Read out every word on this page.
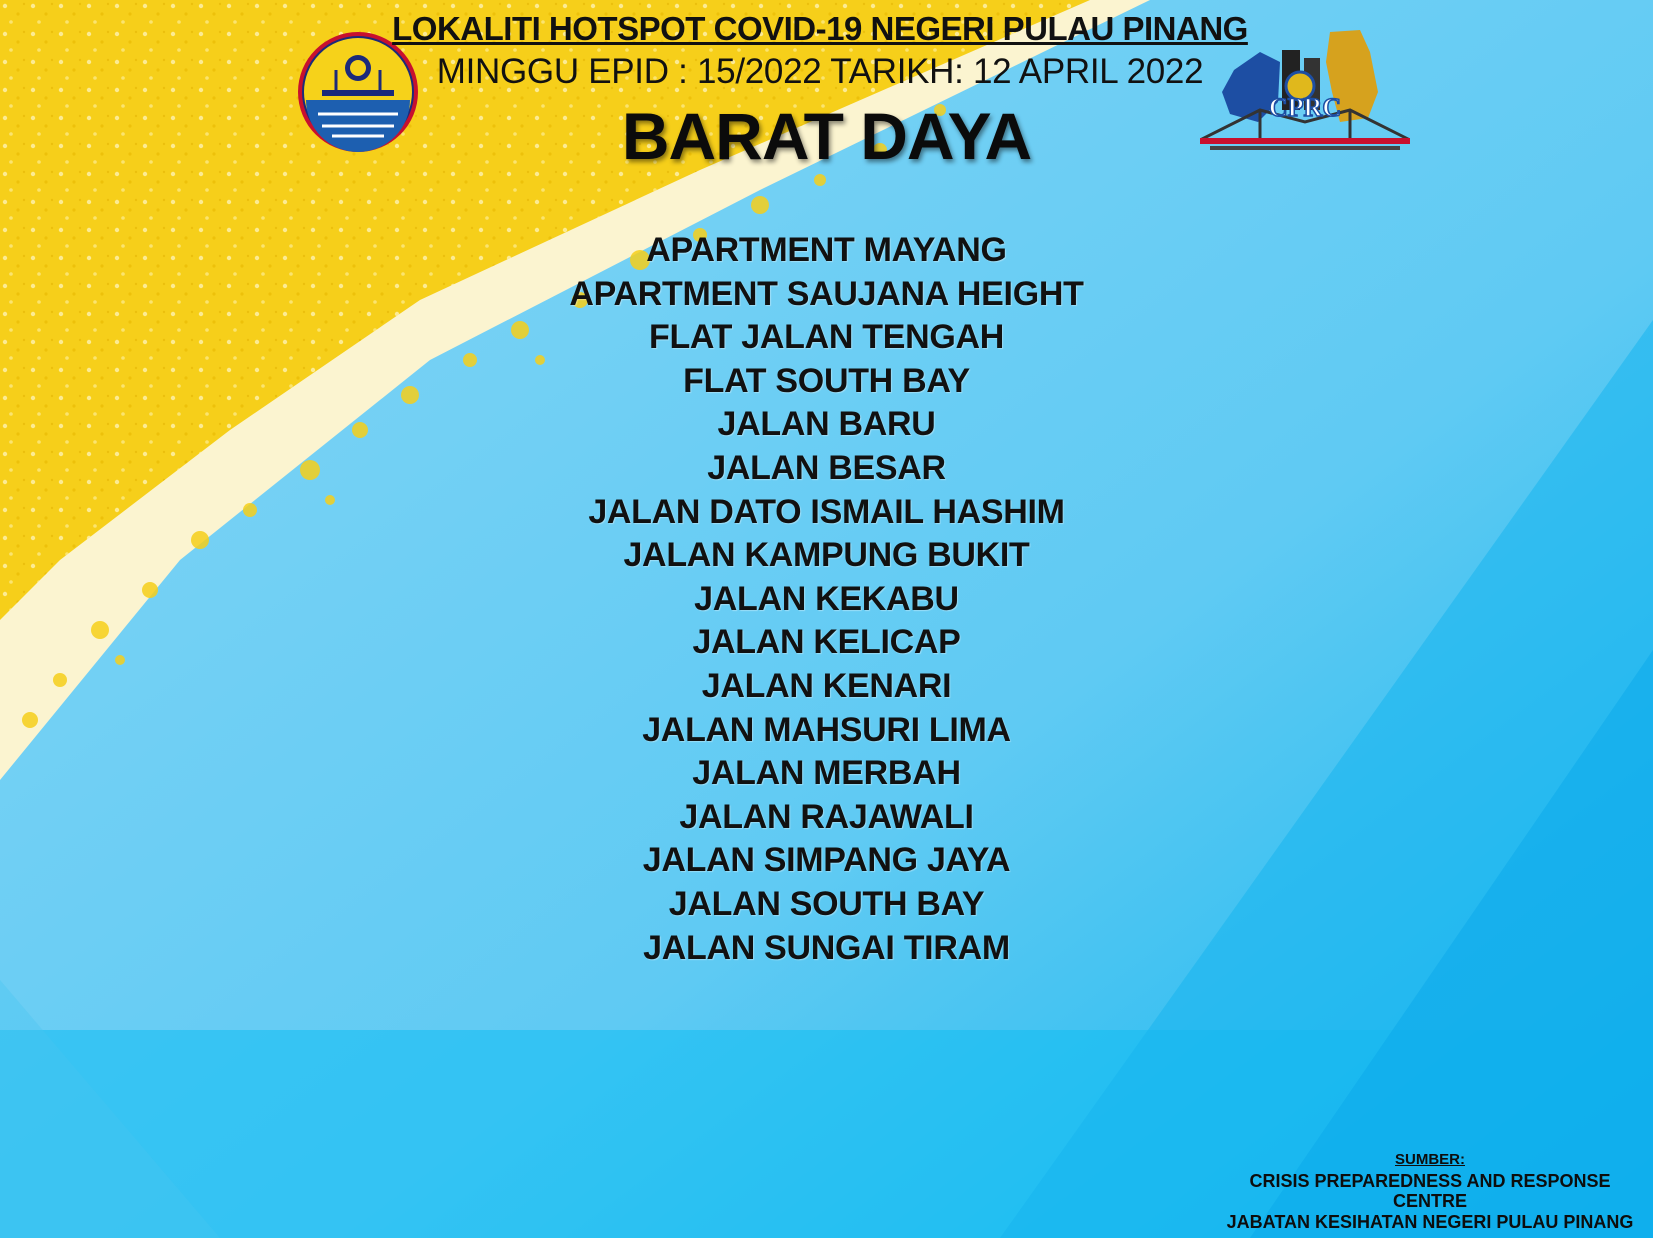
CPRC
LOKALITI HOTSPOT COVID-19 NEGERI PULAU PINANG
MINGGU EPID : 15/2022 TARIKH: 12 APRIL 2022
BARAT DAYA
APARTMENT MAYANG
APARTMENT SAUJANA HEIGHT
FLAT JALAN TENGAH
FLAT SOUTH BAY
JALAN BARU
JALAN BESAR
JALAN DATO ISMAIL HASHIM
JALAN KAMPUNG BUKIT
JALAN KEKABU
JALAN KELICAP
JALAN KENARI
JALAN MAHSURI LIMA
JALAN MERBAH
JALAN RAJAWALI
JALAN SIMPANG JAYA
JALAN SOUTH BAY
JALAN SUNGAI TIRAM
SUMBER:
CRISIS PREPAREDNESS AND RESPONSE
CENTRE
JABATAN KESIHATAN NEGERI PULAU PINANG
